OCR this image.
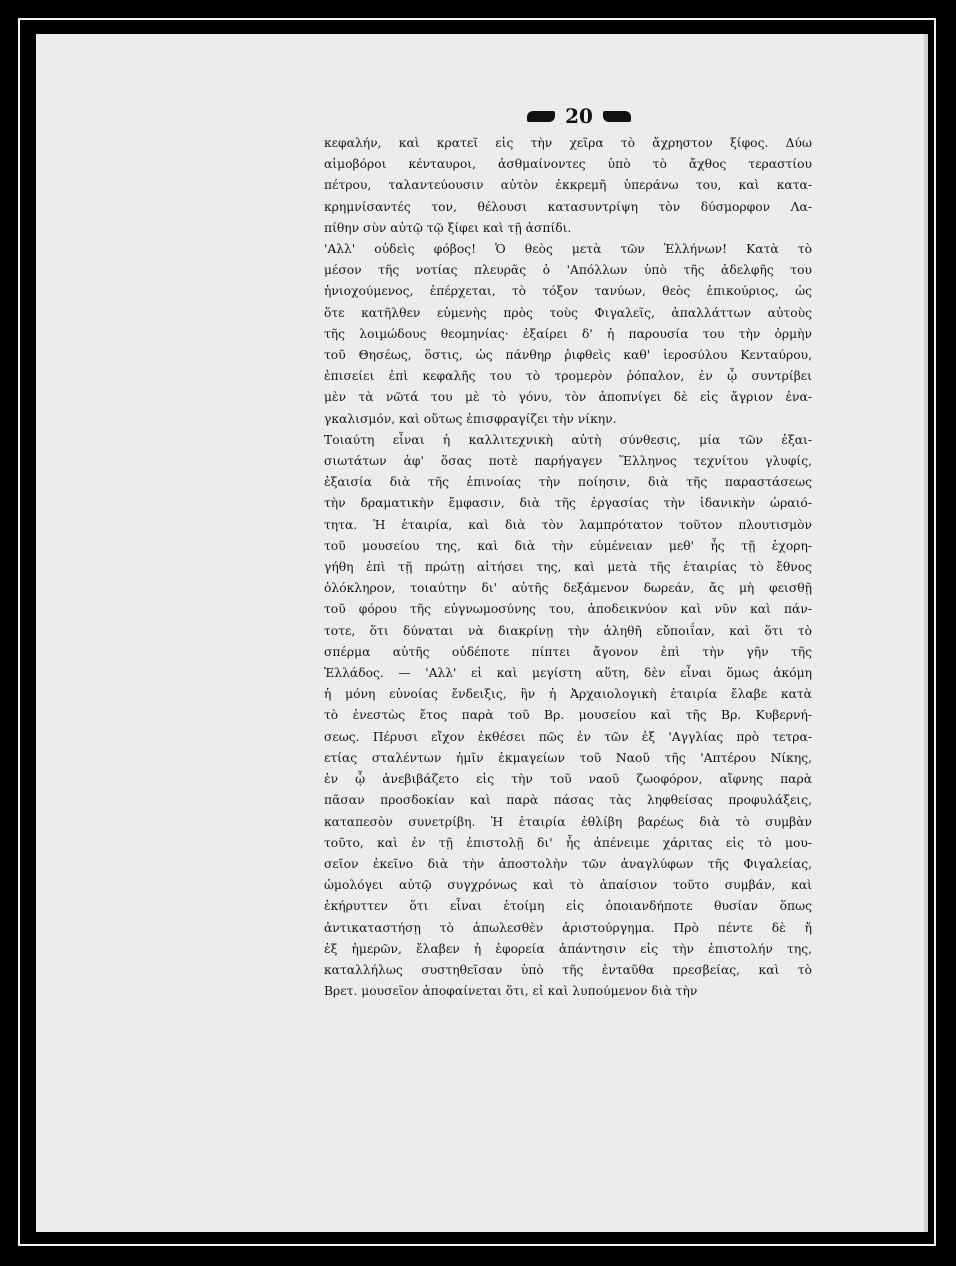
20

κεφαλήν, καὶ κρατεῖ εἰς τὴν χεῖρα τὸ ἄχρηστον ξίφος. Δύω
αἱμοβόροι κένταυροι, ἀσθμαίνοντες ὑπὸ τὸ ἄχθος τεραστίου
πέτρου, ταλαντεύουσιν αὐτὸν ἐκκρεμῆ ὑπεράνω του, καὶ κατα-
κρημνίσαντές τον, θέλουσι κατασυντρίψη τὸν δύσμορφον Λα-
πίθην σὺν αὐτῷ τῷ ξίφει καὶ τῇ ἀσπίδι.

'Αλλ' οὐδεὶς φόβος! Ὁ θεὸς μετὰ τῶν Ἑλλήνων! Κατὰ τὸ
μέσον τῆς νοτίας πλευρᾶς ὁ 'Απόλλων ὑπὸ τῆς ἀδελφῆς του
ἡνιοχούμενος, ἐπέρχεται, τὸ τόξον τανύων, θεὸς ἐπικούριος, ὡς
ὅτε κατῆλθεν εὐμενὴς πρὸς τοὺς Φιγαλεῖς, ἀπαλλάττων αὐτοὺς
τῆς λοιμώδους θεομηνίας· ἐξαίρει δ' ἡ παρουσία του τὴν ὁρμὴν
τοῦ Θησέως, ὅστις, ὡς πάνθηρ ῥιφθεὶς καθ' ἱεροσύλου Κενταύρου,
ἐπισείει ἐπὶ κεφαλῆς του τὸ τρομερὸν ῥόπαλον, ἐν ᾧ συντρίβει
μὲν τὰ νῶτά του μὲ τὸ γόνυ, τὸν ἀποπνίγει δὲ εἰς ἄγριον ἐνα-
γκαλισμόν, καὶ οὕτως ἐπισφραγίζει τὴν νίκην.

Τοιαύτη εἶναι ἡ καλλιτεχνικὴ αὐτὴ σύνθεσις, μία τῶν ἐξαι-
σιωτάτων ἀφ' ὅσας ποτὲ παρήγαγεν Ἕλληνος τεχνίτου γλυφίς,
ἐξαισία διὰ τῆς ἐπινοίας τὴν ποίησιν, διὰ τῆς παραστάσεως
τὴν δραματικὴν ἔμφασιν, διὰ τῆς ἐργασίας τὴν ἰδανικὴν ὡραιό-
τητα. Ἡ ἑταιρία, καὶ διὰ τὸν λαμπρότατον τοῦτον πλουτισμὸν
τοῦ μουσείου της, καὶ διὰ τὴν εὐμένειαν μεθ' ἧς τῇ ἐχορη-
γήθη ἐπὶ τῇ πρώτῃ αἰτήσει της, καὶ μετὰ τῆς ἑταιρίας τὸ ἔθνος
ὁλόκληρον, τοιαύτην δι' αὐτῆς δεξάμενον δωρεάν, ἄς μὴ φεισθῇ
τοῦ φόρου τῆς εὐγνωμοσύνης του, ἀποδεικνύον καὶ νῦν καὶ πάν-
τοτε, ὅτι δύναται νὰ διακρίνῃ τὴν ἀληθῆ εὔποιΐαν, καὶ ὅτι τὸ
σπέρμα αὐτῆς οὐδέποτε πίπτει ἄγονον ἐπὶ τὴν γῆν τῆς
Ἑλλάδος. — 'Αλλ' εἰ καὶ μεγίστη αὕτη, δὲν εἶναι ὅμως ἀκόμη
ἡ μόνη εὐνοίας ἔνδειξις, ἣν ἡ Ἀρχαιολογικὴ ἑταιρία ἔλαβε κατὰ
τὸ ἐνεστὼς ἔτος παρὰ τοῦ Βρ. μουσείου καὶ τῆς Βρ. Κυβερνή-
σεως. Πέρυσι εἴχον ἐκθέσει πῶς ἐν τῶν ἐξ 'Αγγλίας πρὸ τετρα-
ετίας σταλέντων ἡμῖν ἐκμαγείων τοῦ Ναοῦ τῆς 'Απτέρου Νίκης,
ἐν ᾧ ἀνεβιβάζετο εἰς τὴν τοῦ ναοῦ ζωοφόρον, αἴφνης παρὰ
πᾶσαν προσδοκίαν καὶ παρὰ πάσας τὰς ληφθείσας προφυλάξεις,
καταπεσὸν συνετρίβη. Ἡ ἑταιρία ἐθλίβη βαρέως διὰ τὸ συμβὰν
τοῦτο, καὶ ἐν τῇ ἐπιστολῇ δι' ἧς ἀπένειμε χάριτας εἰς τὸ μου-
σεῖον ἐκεῖνο διὰ τὴν ἀποστολὴν τῶν ἀναγλύφων τῆς Φιγαλείας,
ὡμολόγει αὐτῷ συγχρόνως καὶ τὸ ἀπαίσιον τοῦτο συμβάν, καὶ
ἐκήρυττεν ὅτι εἶναι ἑτοίμη εἰς ὁποιανδήποτε θυσίαν ὅπως
ἀντικαταστήσῃ τὸ ἀπωλεσθὲν ἀριστούργημα. Πρὸ πέντε δὲ ἤ
ἐξ ἡμερῶν, ἔλαβεν ἡ ἐφορεία ἀπάντησιν εἰς τὴν ἐπιστολήν της,
καταλλήλως συστηθεῖσαν ὑπὸ τῆς ἐνταῦθα πρεσβείας, καὶ τὸ
Βρετ. μουσεῖον ἀποφαίνεται ὅτι, εἰ καὶ λυπούμενον διὰ τὴν
